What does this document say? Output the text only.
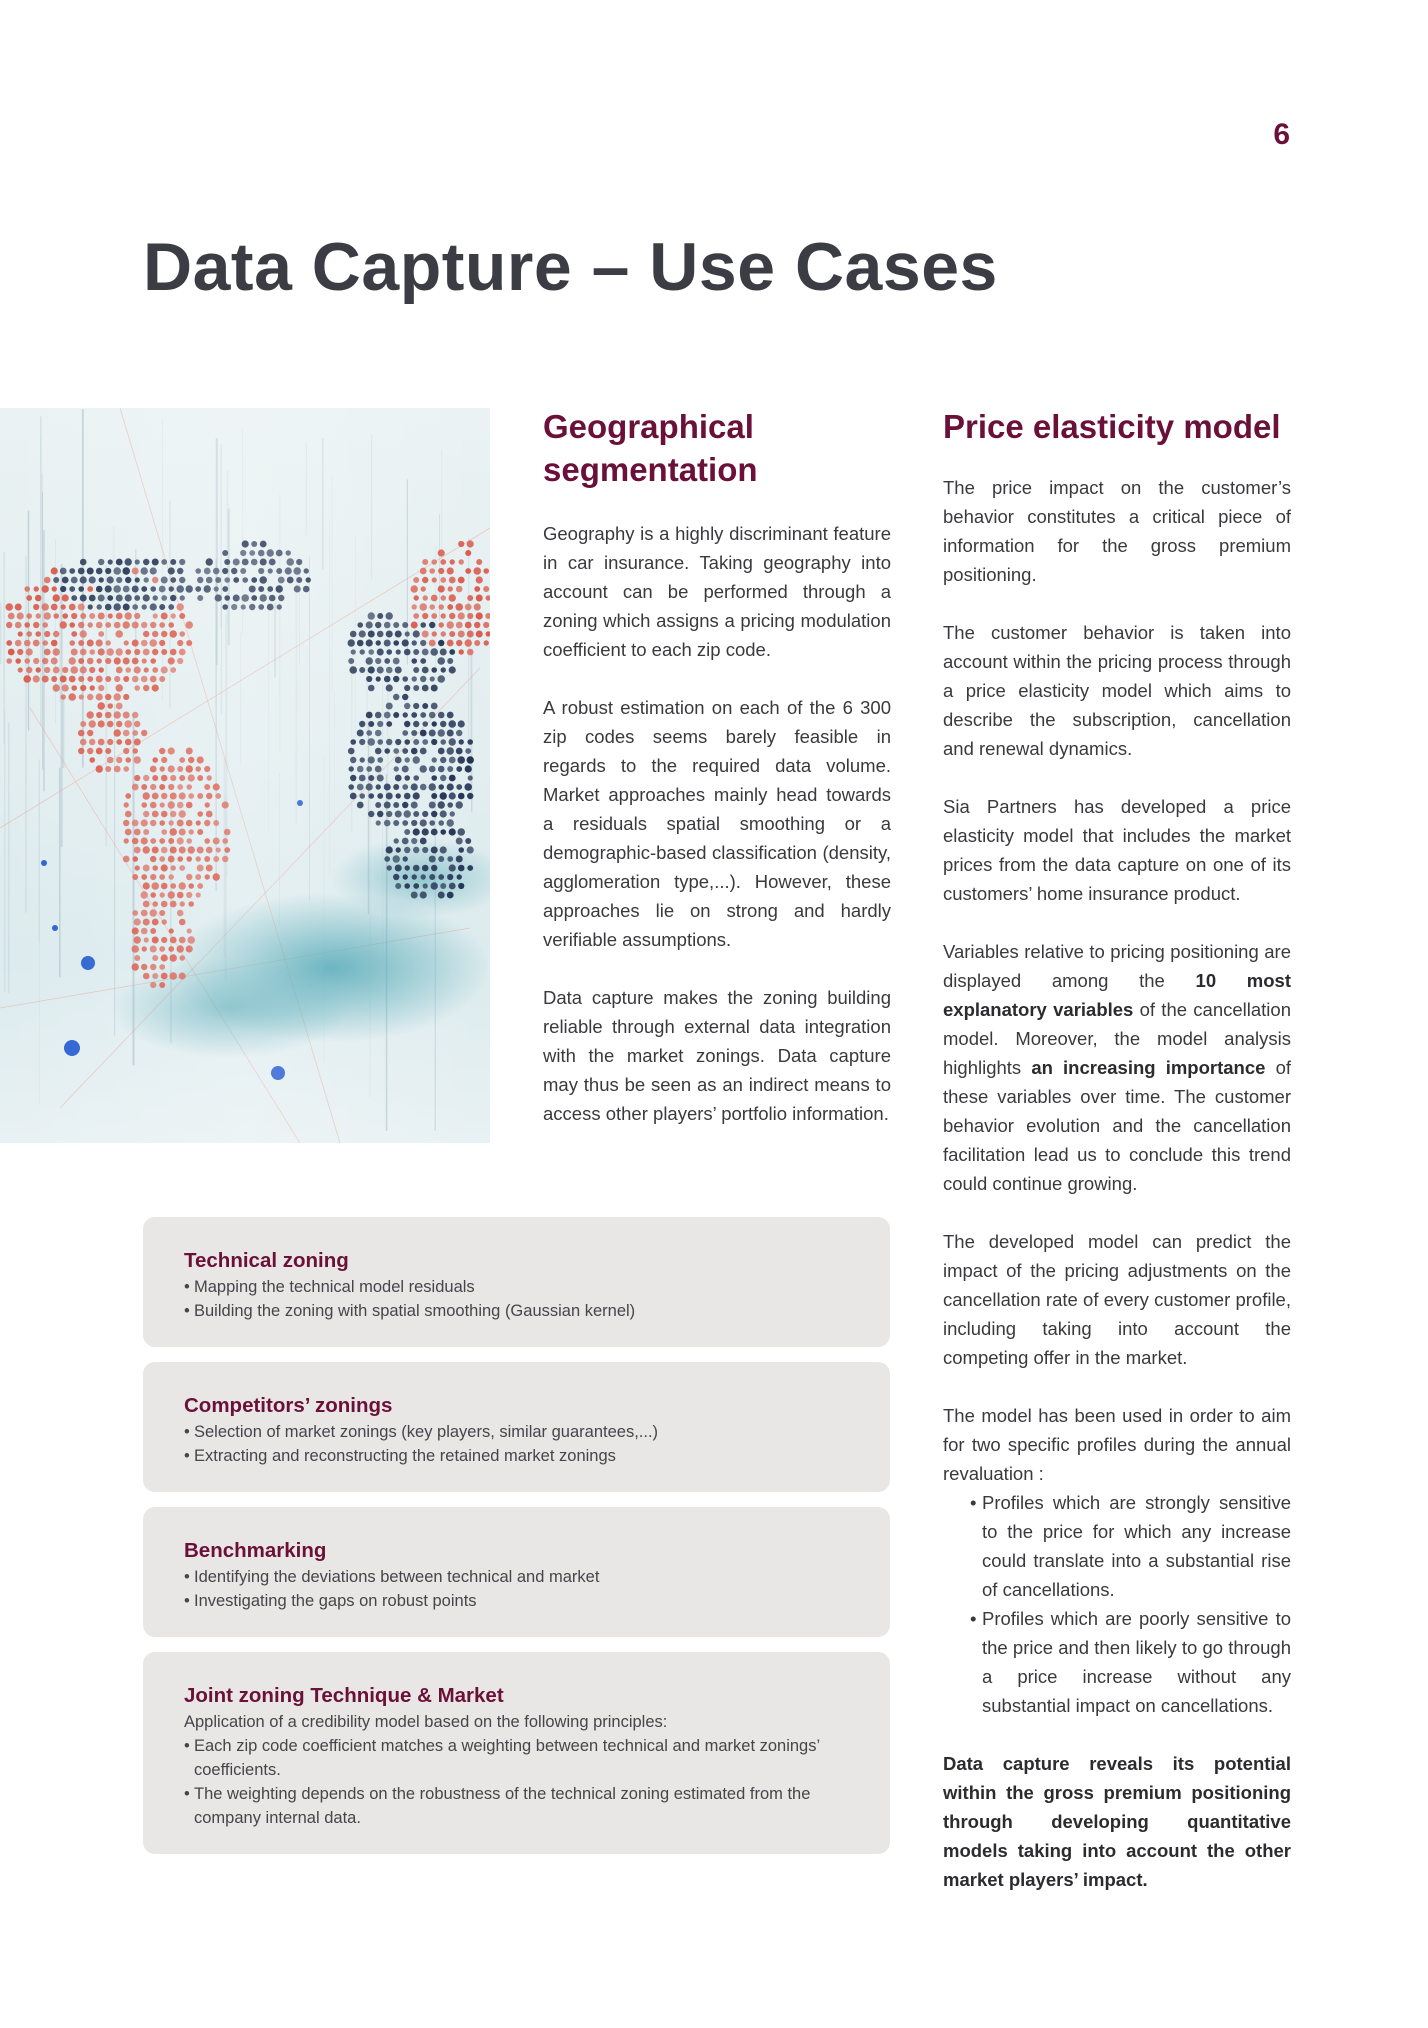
6
Data Capture – Use Cases
Geographical segmentation

Geography is a highly discriminant feature in car insurance. Taking geography into account can be performed through a zoning which assigns a pricing modulation coefficient to each zip code.

A robust estimation on each of the 6 300 zip codes seems barely feasible in regards to the required data volume. Market approaches mainly head towards a residuals spatial smoothing or a demographic-based classification (density, agglomeration type,...). However, these approaches lie on strong and hardly verifiable assumptions.

Data capture makes the zoning building reliable through external data integration with the market zonings. Data capture may thus be seen as an indirect means to access other players’ portfolio information.

Price elasticity model

The price impact on the customer’s behavior constitutes a critical piece of information for the gross premium positioning.

The customer behavior is taken into account within the pricing process through a price elasticity model which aims to describe the subscription, cancellation and renewal dynamics.

Sia Partners has developed a price elasticity model that includes the market prices from the data capture on one of its customers’ home insurance product.

Variables relative to pricing positioning are displayed among the 10 most explanatory variables of the cancellation model. Moreover, the model analysis highlights an increasing importance of these variables over time. The customer behavior evolution and the cancellation facilitation lead us to conclude this trend could continue growing.

The developed model can predict the impact of the pricing adjustments on the cancellation rate of every customer profile, including taking into account the competing offer in the market.

The model has been used in order to aim for two specific profiles during the annual revaluation :

• Profiles which are strongly sensitive to the price for which any increase could translate into a substantial rise of cancellations.
• Profiles which are poorly sensitive to the price and then likely to go through a price increase without any substantial impact on cancellations.

Data capture reveals its potential within the gross premium positioning through developing quantitative models taking into account the other market players’ impact.

Technical zoning
• Mapping the technical model residuals
• Building the zoning with spatial smoothing (Gaussian kernel)
Competitors’ zonings
• Selection of market zonings (key players, similar guarantees,...)
• Extracting and reconstructing the retained market zonings
Benchmarking
• Identifying the deviations between technical and market
• Investigating the gaps on robust points
Joint zoning Technique & Market
Application of a credibility model based on the following principles:
• Each zip code coefficient matches a weighting between technical and market zonings’ coefficients.
• The weighting depends on the robustness of the technical zoning estimated from the company internal data.
